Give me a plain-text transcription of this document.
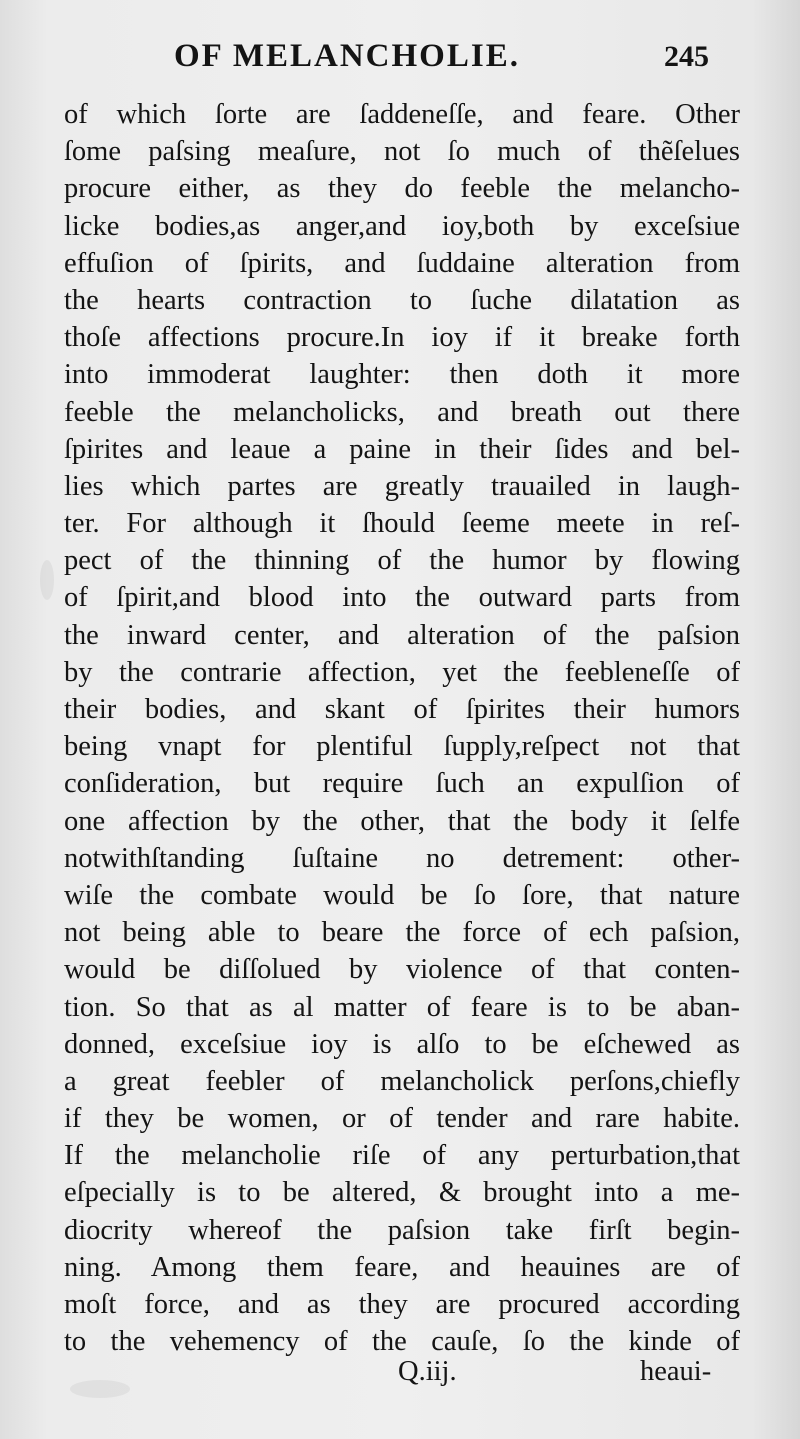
OF MELANCHOLIE.	245
of which ſorte are ſaddeneſſe, and feare. Other
ſome paſsing meaſure, not ſo much of thẽſelues
procure either, as they do feeble the melancho-
licke bodies,as anger,and ioy,both by exceſsiue
effuſion of ſpirits, and ſuddaine alteration from
the hearts contraction to ſuche dilatation as
thoſe affections procure.In ioy if it breake forth
into immoderat laughter: then doth it more
feeble the melancholicks, and breath out there
ſpirites and leaue a paine in their ſides and bel-
lies which partes are greatly trauailed in laugh-
ter. For although it ſhould ſeeme meete in reſ-
pect of the thinning of the humor by flowing
of ſpirit,and blood into the outward parts from
the inward center, and alteration of the paſsion
by the contrarie affection, yet the feebleneſſe of
their bodies, and skant of ſpirites their humors
being vnapt for plentiful ſupply,reſpect not that
conſideration, but require ſuch an expulſion of
one affection by the other, that the body it ſelfe
notwithſtanding ſuſtaine no detrement: other-
wiſe the combate would be ſo ſore, that nature
not being able to beare the force of ech paſsion,
would be diſſolued by violence of that conten-
tion. So that as al matter of feare is to be aban-
donned, exceſsiue ioy is alſo to be eſchewed as
a great feebler of melancholick perſons,chiefly
if they be women, or of tender and rare habite.
If the melancholie riſe of any perturbation,that
eſpecially is to be altered, & brought into a me-
diocrity whereof the paſsion take firſt begin-
ning. Among them feare, and heauines are of
moſt force, and as they are procured according
to the vehemency of the cauſe, ſo the kinde of
Q.iij.	heaui-
